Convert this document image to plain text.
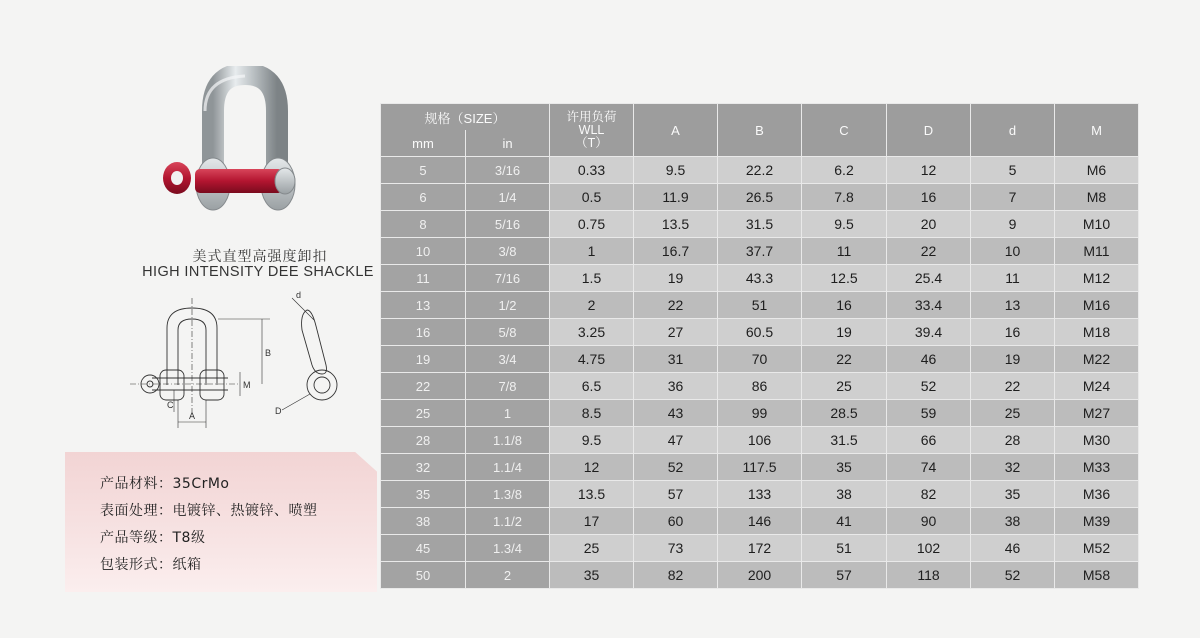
美式直型高强度卸扣
HIGH INTENSITY DEE SHACKLE
B
M
C
A
d
D
产品材料：35CrMo
表面处理：电镀锌、热镀锌、喷塑
产品等级：T8级
包装形式：纸箱
规格（SIZE）		许用负荷
WLL
（T）	A	B	C	D	d	M
mm	in							
5	3/16	0.33	9.5	22.2	6.2	12	5	M6
6	1/4	0.5	11.9	26.5	7.8	16	7	M8
8	5/16	0.75	13.5	31.5	9.5	20	9	M10
10	3/8	1	16.7	37.7	11	22	10	M11
11	7/16	1.5	19	43.3	12.5	25.4	11	M12
13	1/2	2	22	51	16	33.4	13	M16
16	5/8	3.25	27	60.5	19	39.4	16	M18
19	3/4	4.75	31	70	22	46	19	M22
22	7/8	6.5	36	86	25	52	22	M24
25	1	8.5	43	99	28.5	59	25	M27
28	1.1/8	9.5	47	106	31.5	66	28	M30
32	1.1/4	12	52	117.5	35	74	32	M33
35	1.3/8	13.5	57	133	38	82	35	M36
38	1.1/2	17	60	146	41	90	38	M39
45	1.3/4	25	73	172	51	102	46	M52
50	2	35	82	200	57	118	52	M58
